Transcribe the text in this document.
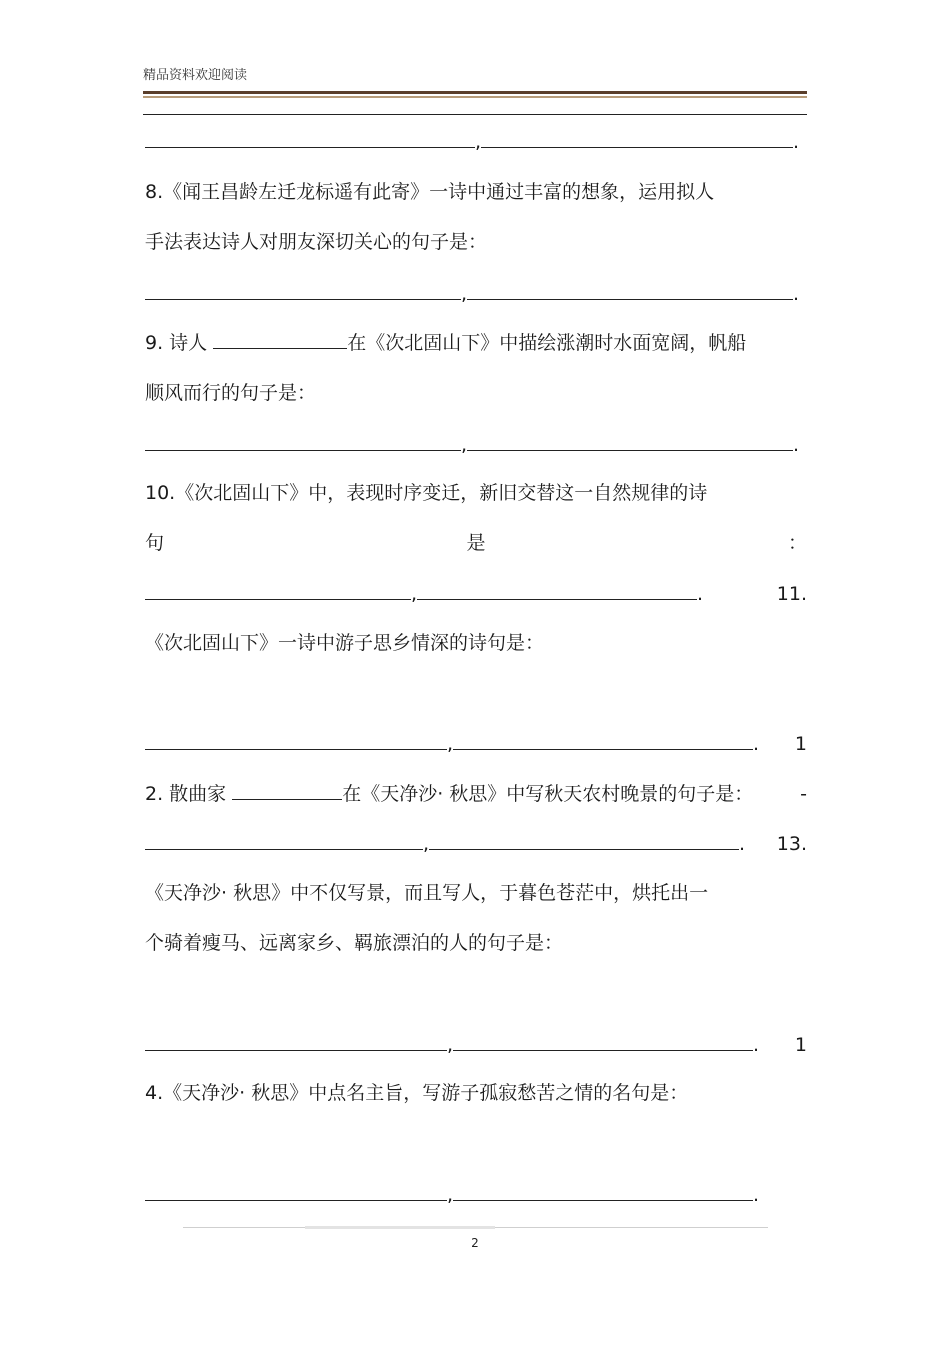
精品资料欢迎阅读
,	.
8.《闻王昌龄左迁龙标遥有此寄》一诗中通过丰富的想象，运用拟人
手法表达诗人对朋友深切关心的句子是：
,	.
9. 诗人	在《次北固山下》中描绘涨潮时水面宽阔，帆船
顺风而行的句子是：
,	.
10.《次北固山下》中，表现时序变迁，新旧交替这一自然规律的诗
句	是	：
,	.	11.
《次北固山下》一诗中游子思乡情深的诗句是：
,	. 1
2. 散曲家	在《天净沙· 秋思》中写秋天农村晚景的句子是： -
,	. 13.
《天净沙· 秋思》中不仅写景，而且写人，于暮色苍茫中，烘托出一
个骑着瘦马、远离家乡、羁旅漂泊的人的句子是：
,	. 1
4.《天净沙· 秋思》中点名主旨，写游子孤寂愁苦之情的名句是：
,	.
2
